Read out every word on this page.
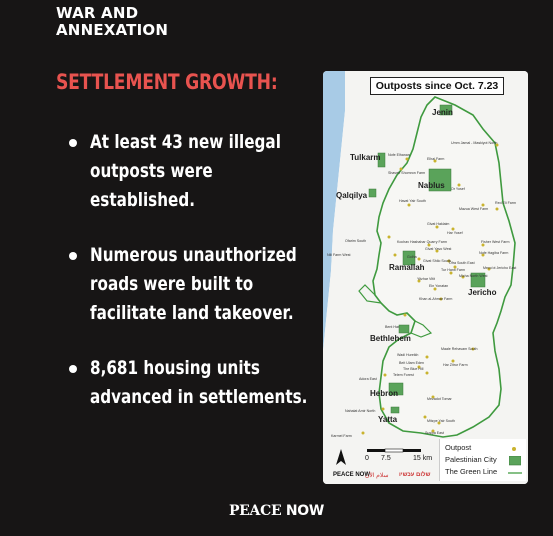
WAR AND
ANNEXATION
SETTLEMENT GROWTH:
At least 43 new illegal outposts were established.
Numerous unauthorized roads were built to facilitate land takeover.
8,681 housing units advanced in settlements.
Outposts since Oct. 7.23
Jenin
Tulkarm
Nablus
Qalqilya
Ramallah
Jericho
Bethlehem
Hebron
Yatta
Umm Jamal - Maskiyot North
Nofe Elhanan
Elhai Farm
Shaveh Shomron Farm
Or Yosef
Havat Yair South
Mazua West Farm
Red Eli Farm
Givat Haklaim
Har Yosef
Ofarim South	Kochav Hashahar Quarry Farm	Fisher West Farm
Givat Yavo West
Nofe Hagiba Farm
Nili Farm West	Golha
Givat Shilo South
Ofra South East
Tur Hanit Farm	Mevo'ot Jericho East
Micha North West
Yitzhar Vitit
Ein Yonatan
Khan al-Ahmar Farm
Bent Har
Maale Rehavam South
Wadi Hureikh
Har Zitrur Farm
Beit Ulam Eden
The Blue Hill
Telem Forest
Adora East
Mezadot Tomar
Nahalat Amir North
Mitzpe Yair South
Karmel Farm
Susiya East
0 7.5	15 km
Outpost
Palestinian City
The Green Line
PEACE NOW
سلام الآن שלום עכשיו
PEACE NOW
